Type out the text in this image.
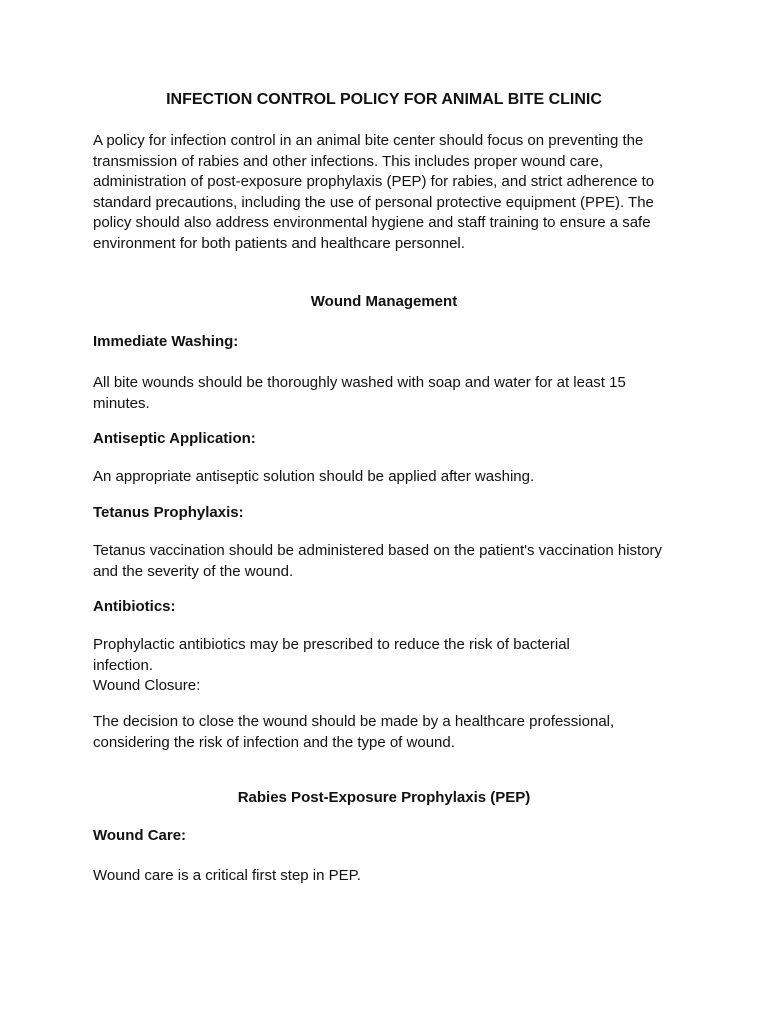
INFECTION CONTROL POLICY FOR ANIMAL BITE CLINIC

A policy for infection control in an animal bite center should focus on preventing the transmission of rabies and other infections. This includes proper wound care, administration of post-exposure prophylaxis (PEP) for rabies, and strict adherence to standard precautions, including the use of personal protective equipment (PPE). The policy should also address environmental hygiene and staff training to ensure a safe environment for both patients and healthcare personnel.

Wound Management
Immediate Washing:

All bite wounds should be thoroughly washed with soap and water for at least 15 minutes.

Antiseptic Application:

An appropriate antiseptic solution should be applied after washing.

Tetanus Prophylaxis:

Tetanus vaccination should be administered based on the patient's vaccination history and the severity of the wound.

Antibiotics:

Prophylactic antibiotics may be prescribed to reduce the risk of bacterial infection.

Wound Closure:

The decision to close the wound should be made by a healthcare professional, considering the risk of infection and the type of wound.

Rabies Post-Exposure Prophylaxis (PEP)
Wound Care:

Wound care is a critical first step in PEP.
